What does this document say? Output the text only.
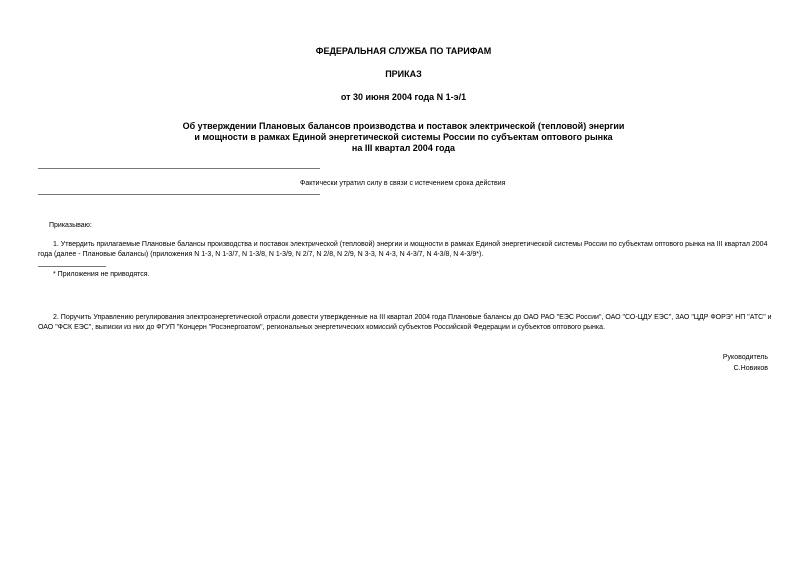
ФЕДЕРАЛЬНАЯ СЛУЖБА ПО ТАРИФАМ
ПРИКАЗ
от 30 июня 2004 года N 1-э/1
Об утверждении Плановых балансов производства и поставок электрической (тепловой) энергии
и мощности в рамках Единой энергетической системы России по субъектам оптового рынка
на III квартал 2004 года
Фактически утратил силу в связи с истечением срока действия
Приказываю:
1. Утвердить прилагаемые Плановые балансы производства и поставок электрической (тепловой) энергии и мощности в рамках Единой энергетической системы России по субъектам оптового рынка на III квартал 2004 года (далее - Плановые балансы) (приложения N 1-3, N 1-3/7, N 1-3/8, N 1-3/9, N 2/7, N 2/8, N 2/9, N 3-3, N 4-3, N 4-3/7, N 4-3/8, N 4-3/9*).
* Приложения не приводятся.
2. Поручить Управлению регулирования электроэнергетической отрасли довести утвержденные на III квартал 2004 года Плановые балансы до ОАО РАО "ЕЭС России", ОАО "СО-ЦДУ ЕЭС", ЗАО "ЦДР ФОРЭ" НП "АТС" и ОАО "ФСК ЕЭС", выписки из них до ФГУП "Концерн "Росэнергоатом", региональных энергетических комиссий субъектов Российской Федерации и субъектов оптового рынка.
Руководитель
С.Новиков
